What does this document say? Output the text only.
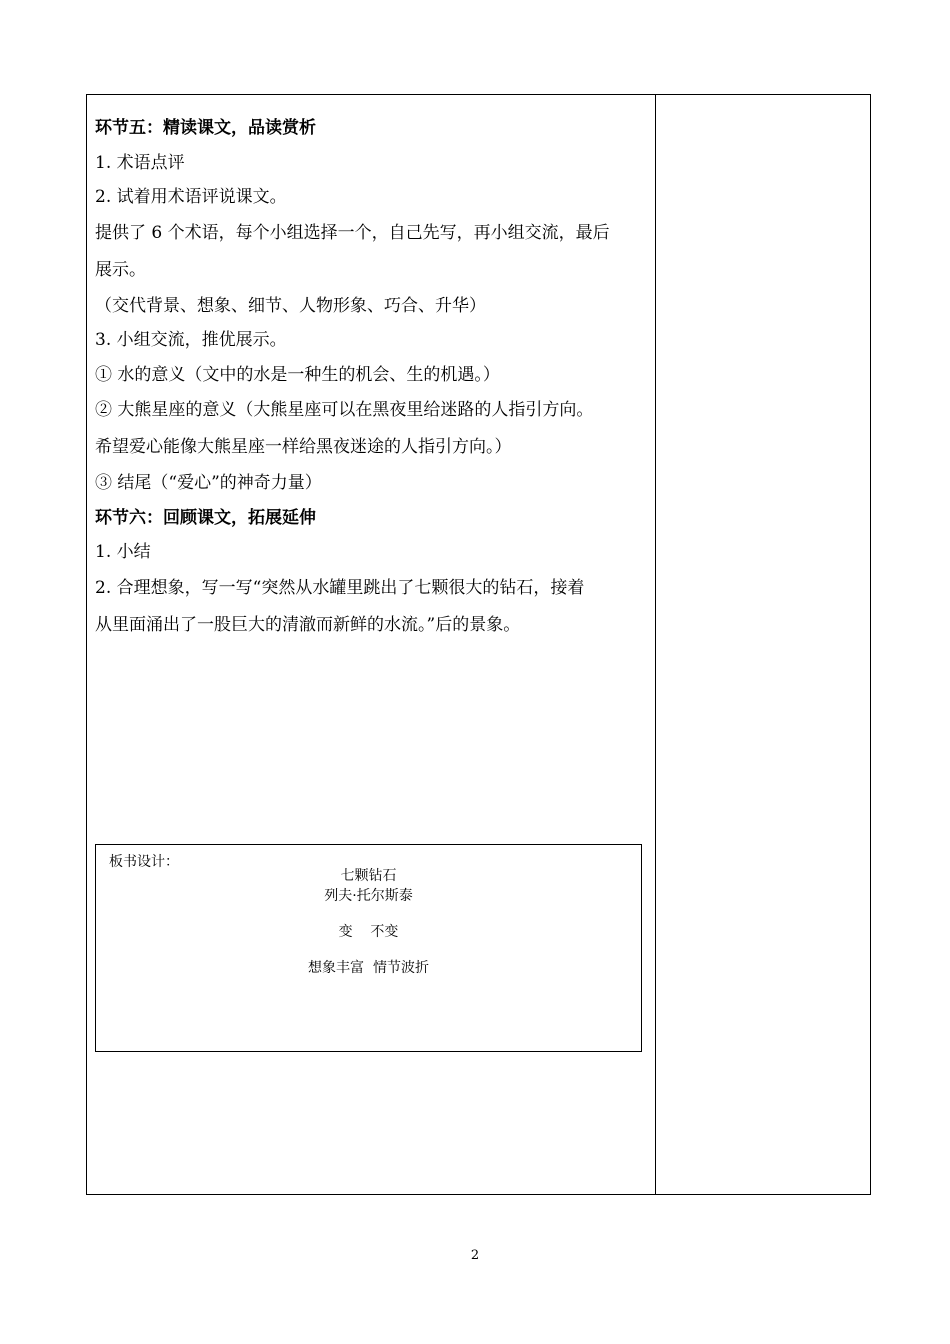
环节五：精读课文，品读赏析
1. 术语点评
2. 试着用术语评说课文。
提供了 6 个术语，每个小组选择一个，自己先写，再小组交流，最后
展示。
（交代背景、想象、细节、人物形象、巧合、升华）
3. 小组交流，推优展示。
① 水的意义（文中的水是一种生的机会、生的机遇。）
② 大熊星座的意义（大熊星座可以在黑夜里给迷路的人指引方向。
希望爱心能像大熊星座一样给黑夜迷途的人指引方向。）
③ 结尾（“爱心”的神奇力量）
环节六：回顾课文，拓展延伸
1. 小结
2. 合理想象，写一写“突然从水罐里跳出了七颗很大的钻石，接着
从里面涌出了一股巨大的清澈而新鲜的水流。”后的景象。
板书设计：
七颗钻石
列夫·托尔斯泰
变    不变
想象丰富  情节波折
2
